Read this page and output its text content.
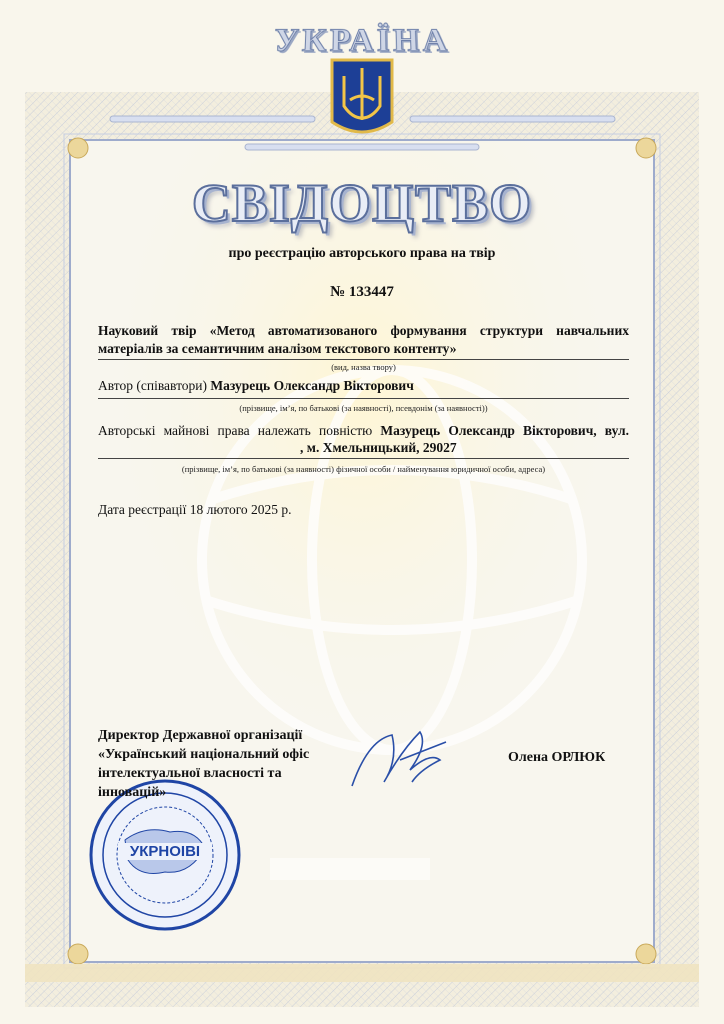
УКРАЇНА
СВІДОЦТВО
про реєстрацію авторського права на твір
№ 133447
Науковий твір «Метод автоматизованого формування структури навчальних матеріалів за семантичним аналізом текстового контенту»
(вид, назва твору)
Автор (співавтори) Мазурець Олександр Вікторович
(прізвище, ім’я, по батькові (за наявності), псевдонім (за наявності))
Авторські майнові права належать повністю Мазурець Олександр Вікторович, вул.
, м. Хмельницький, 29027
(прізвище, ім’я, по батькові (за наявності) фізичної особи / найменування юридичної особи, адреса)
Дата реєстрації 18 лютого 2025 р.
Директор Державної організації «Український національний офіс інтелектуальної власності та інновацій»
Олена ОРЛЮК
УКРНОІВІ
